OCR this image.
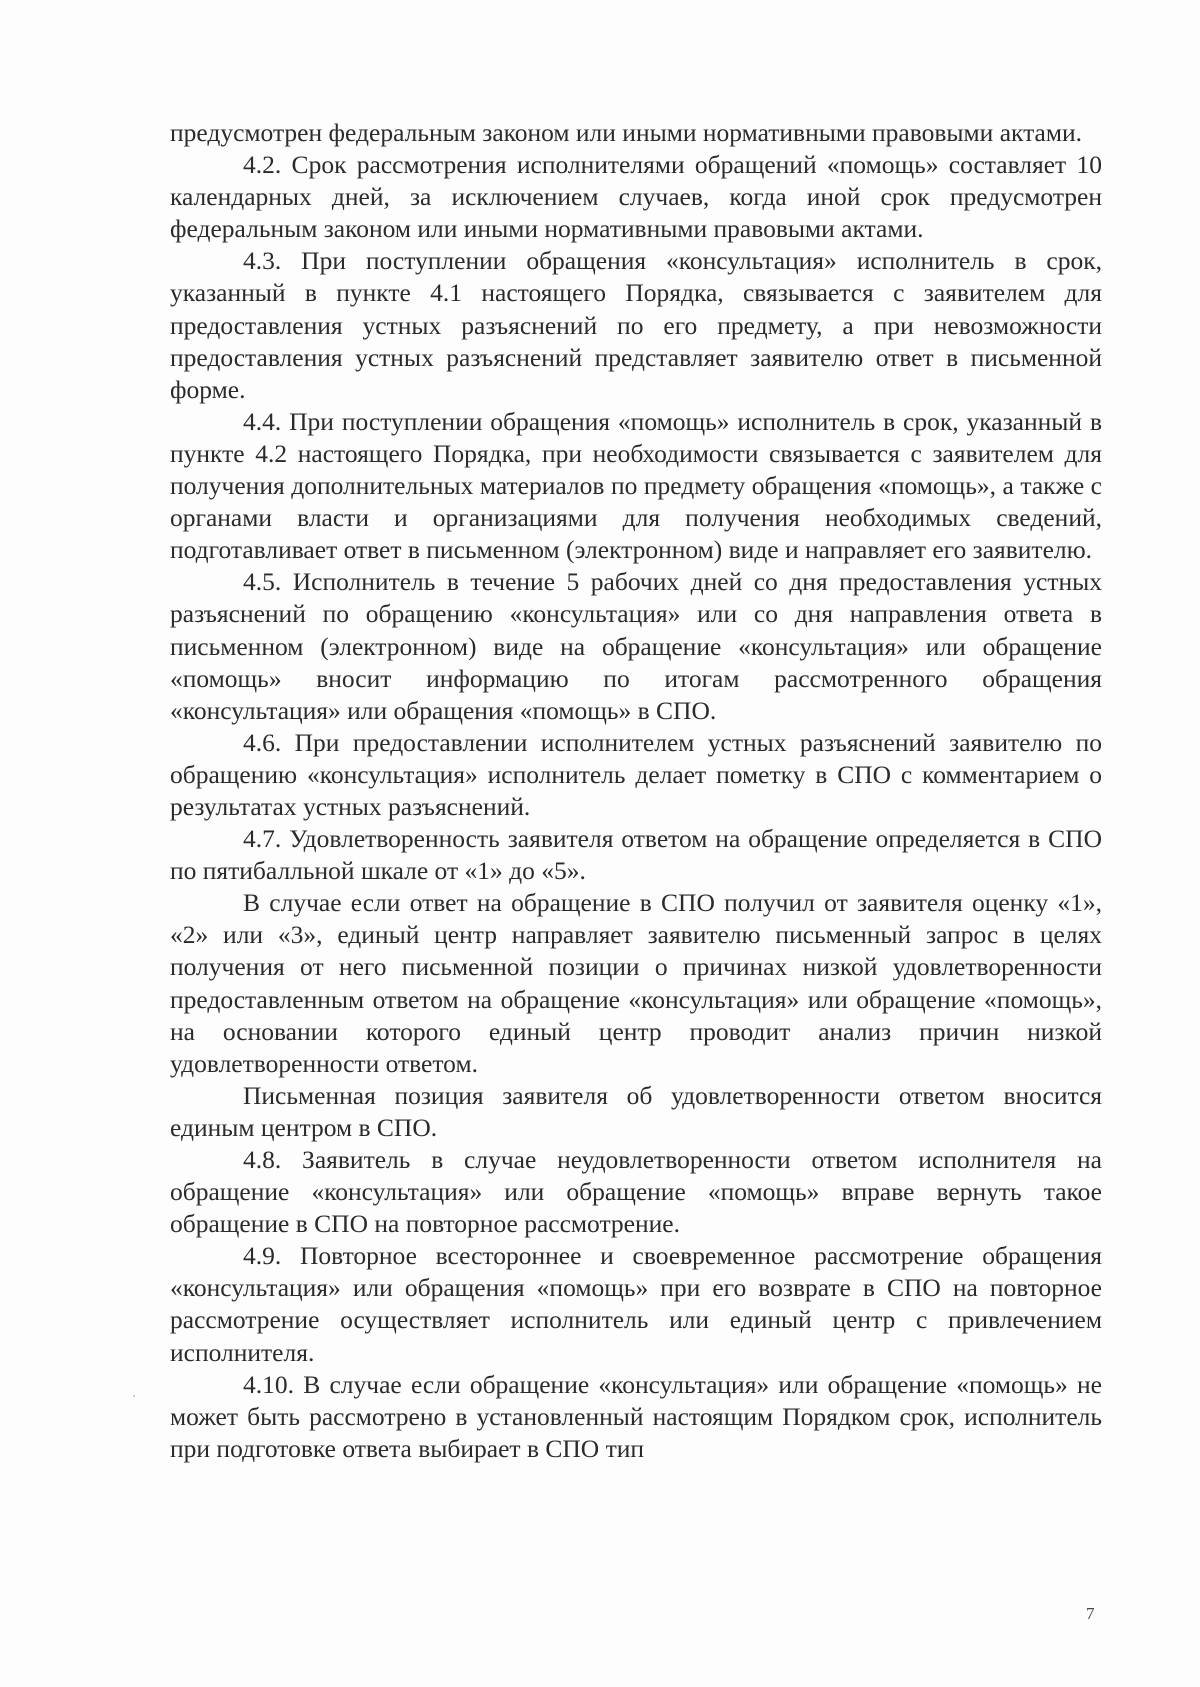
предусмотрен федеральным законом или иными нормативными правовыми актами.

4.2. Срок рассмотрения исполнителями обращений «помощь» составляет 10 календарных дней, за исключением случаев, когда иной срок предусмотрен федеральным законом или иными нормативными правовыми актами.

4.3. При поступлении обращения «консультация» исполнитель в срок, указанный в пункте 4.1 настоящего Порядка, связывается с заявителем для предоставления устных разъяснений по его предмету, а при невозможности предоставления устных разъяснений представляет заявителю ответ в письменной форме.

4.4. При поступлении обращения «помощь» исполнитель в срок, указанный в пункте 4.2 настоящего Порядка, при необходимости связывается с заявителем для получения дополнительных материалов по предмету обращения «помощь», а также с органами власти и организациями для получения необходимых сведений, подготавливает ответ в письменном (электронном) виде и направляет его заявителю.

4.5. Исполнитель в течение 5 рабочих дней со дня предоставления устных разъяснений по обращению «консультация» или со дня направления ответа в письменном (электронном) виде на обращение «консультация» или обращение «помощь» вносит информацию по итогам рассмотренного обращения «консультация» или обращения «помощь» в СПО.

4.6. При предоставлении исполнителем устных разъяснений заявителю по обращению «консультация» исполнитель делает пометку в СПО с комментарием о результатах устных разъяснений.

4.7. Удовлетворенность заявителя ответом на обращение определяется в СПО по пятибалльной шкале от «1» до «5».

В случае если ответ на обращение в СПО получил от заявителя оценку «1», «2» или «3», единый центр направляет заявителю письменный запрос в целях получения от него письменной позиции о причинах низкой удовлетворенности предоставленным ответом на обращение «консультация» или обращение «помощь», на основании которого единый центр проводит анализ причин низкой удовлетворенности ответом.

Письменная позиция заявителя об удовлетворенности ответом вносится единым центром в СПО.

4.8. Заявитель в случае неудовлетворенности ответом исполнителя на обращение «консультация» или обращение «помощь» вправе вернуть такое обращение в СПО на повторное рассмотрение.

4.9. Повторное всестороннее и своевременное рассмотрение обращения «консультация» или обращения «помощь» при его возврате в СПО на повторное рассмотрение осуществляет исполнитель или единый центр с привлечением исполнителя.

4.10. В случае если обращение «консультация» или обращение «помощь» не может быть рассмотрено в установленный настоящим Порядком срок, исполнитель при подготовке ответа выбирает в СПО тип

7
